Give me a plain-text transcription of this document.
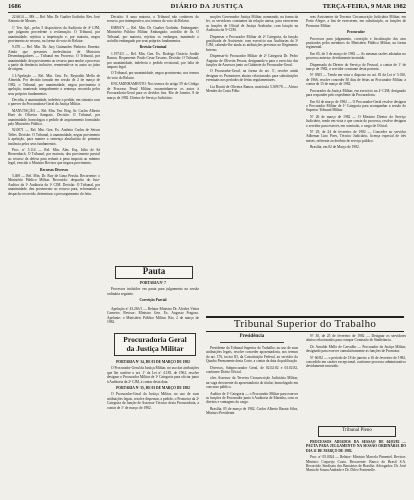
1686	DIÁRIO DA JUSTIÇA	TERÇA-FEIRA, 9 MAR 1982

22.6614 — MS — Rel. Min. Dr. Gualter Godinho. Rev. José Antonio de Moraes.

1º Ten. Apl., pelos 5 dispositivos da Auditoria de 4ª CJM, que julgaram procedente a reclamação. O Tribunal, por unanimidade, rejeitou a impetração e, por maioria, negou provimento ao recurso, na forma do voto do Relator.

9.478 — Rel. Min. Dr. Jacy Guimarães Pinheiro. Ementa: Ainda que presentes irrelevâncias de Ministros Desembargadores — Tribunal em Processo. O Tribunal, por unanimidade, deu provimento ao recurso para anular o processo a partir da denúncia inclusive, remetendo-se os autos ao juízo de origem.

1.1/Apelação — Rel. Min. Gen. Ex. Reynaldo Mello de Almeida. Por decisão tomada em sessão de 2 de março de 1982, o Tribunal, por unanimidade, negou provimento à apelação, mantendo integralmente a sentença recorrida pelos seus próprios fundamentos.

Decidiu, à unanimidade, indeferir o pedido, em sintonia com o parecer da Procuradoria-Geral da Justiça Militar.

MANUTAÇÃO — Rel. Min. Ten. Brig. Ar. Carlos Alberto Huet de Oliveira Sampaio. Decisão: O Tribunal, por unanimidade, homologou o pedido de arquivamento formulado pelo Ministério Público.

92.0071 — Rel. Min. Gen. Ex. Antônio Carlos de Seixas Telles. Decisão: O Tribunal, à unanimidade, negou provimento à apelação, para manter a sentença absolutória de primeira instância pelos seus fundamentos.

Proc. nº 5.114 — Rel. Min. Alm. Esq. Júlio de Sá Bierrenbach. O Tribunal, por maioria, deu provimento parcial ao recurso da defesa para reduzir a pena imposta ao mínimo legal, vencido o Ministro Revisor que negava provimento.

Recursos Diversos

5.469 — Rel. Min. Dr. Ruy de Lima Pessôa. Recorrente: o Ministério Público Militar. Recorrido: despacho do Juiz-Auditor da 1ª Auditoria da 1ª CJM. Decisão: O Tribunal, por unanimidade, deu provimento ao recurso para, reformando o despacho recorrido, determinar o prosseguimento do feito.

Decisão: A uma maioria, o Tribunal não conheceu do recurso, por intempestivo, nos termos do voto do Relator.

EMBA'Y — Rel. Min. Dr. Gualter Godinho. Embargante: Ministério Público Militar. Embargado: acórdão de fls. O Tribunal, por maioria, rejeitou os embargos, mantendo o acórdão embargado por seus próprios fundamentos.

Revisão Criminal

1.1974/3 — Rel. Min. Gen. Ex. Rodrigo Octávio Jordão Ramos. Requerente: Paulo Cesar Tavares. Decisão: O Tribunal, por unanimidade, indeferiu o pedido revisional, por falta de amparo legal.

O Tribunal, por unanimidade, negou provimento, nos termos do voto do Relator.

ENCAMINHAMENTO: Nos termos do artigo 59 do Código de Processo Penal Militar, encaminham-se os autos à Procuradoria-Geral para os devidos fins. Rio de Janeiro, 8 de março de 1982. Diretor de Serviço Judiciário.

Pauta

PORTARIA Nº 7

Processos incluídos em pauta para julgamento na sessão ordinária seguinte.

Correição Parcial

Apelação nº 43.263/1 — Relator Ministro Dr. Alcides Vieira Carneiro. Revisor: Ministro Gen. Ex. Augusto Fragoso. Apelante: o Ministério Público Militar. Rio, 2 de março de 1982.

Procuradoria Geral
da Justiça Militar

PORTARIA Nº 34, DE 03 DE MARÇO DE 1982

O Procurador-Geral da Justiça Militar, no uso das atribuições que lhe confere o art. 1º da Lei nº 4.185, de 1962, resolve designar o Procurador Militar de 1ª Categoria para oficiar junto à Auditoria da 2ª CJM, a contar desta data.

PORTARIA Nº 35, DE 03 DE MARÇO DE 1982

O Procurador-Geral da Justiça Militar, no uso de suas atribuições legais, resolve dispensar, a pedido, o Promotor da 2ª Categoria da função de Assessor Técnico desta Procuradoria, a contar de 1º de março de 1982.

moções Governador Justiça Militar, nomeando, na forma da lei, os servidores constantes da relação anexa, para exercerem as funções de Oficial de Justiça Avaliador, com lotação na Auditoria da 5ª CJM.

Dispensar o Procurador Militar de 2ª Categoria, da função gratificada de Assistente, com exercício nas Auditorias da 3ª CJM, cabendo-lhe ainda as atribuições previstas no Regimento Interno.

Dispensar-lo Procurador Militar de 2ª Categoria Dr. Pedro Augusto de Oliveira Pessoa, designando-o para o exercício das funções de Assessor junto ao Gabinete do Procurador-Geral.

O Procurador-Geral, na forma do art. 3º, resolve ainda designar os Promotores abaixo relacionados para substituições eventuais nos períodos de férias regulamentares.

Lia Bonitt de Oliveira Ramos, matrícula 5.309/78 — Alcino Mendes da Costa Filho.

reas Assistentes da Terceira Circunscrição Judiciária Militar, em Porto Alegre, a fim de exercerem, em substituição, as funções de Promotor Militar.

Procurador

Processos para julgamento, correição e fiscalização dos atos praticados pelos membros do Ministério Público Militar, na forma regimental.

Em 05, de 5 de março de 1982 — As mesmas razões adotadas no processo anterior, devidamente instruído.

Dispensada do Diretor do Serviço do Pessoal, a contar de 1º de março de 1982, o servidor constante desta portaria.

Nº 0505 — Tendo em vista o disposto no art. 81 da Lei nº 5.010, de 1966, resolve conceder 30 dias de férias ao Procurador Militar, a contar de 15 de março de 1982.

Procurador da Justiça Militar, em exercício na 2ª CJM, designado para responder pelo expediente da Procuradoria.

Em 04 de março de 1982 — O Procurador-Geral resolve designar o Procurador Militar de 1ª Categoria para acompanhar a sessão do Superior Tribunal Militar.

Nº 26 de março de 1982 — O Ministro Diretor do Serviço Judiciário, tendo em vista o que consta do processo, resolve designar o servidor para exercer, em comissão, o cargo de Oficial.

Nº 29, de 24 de fevereiro de 1982 — Conceder ao servidor Adhemar Lino Pires, Técnico Judiciário, licença especial de três meses, referente ao decênio de serviço público.

Brasília, em 02 de Março de 1982.

Tribunal Superior do Trabalho
Presidência

Presidente do Tribunal Superior do Trabalho, no uso de suas atribuições legais, resolve conceder aposentadoria, nos termos do art. 176, inciso III, da Constituição Federal, ao servidor do Quadro Permanente desta Corte, a contar da data da publicação.

Diversos, Subprocurador Geral, de 02.02.82 e 03.02.82, conforme Diário Oficial.

cões Assessor da Terceira Circunscrição Judiciária Militar, na vaga decorrente da aposentadoria do titular, homologado em concurso público.

Auditor de 1ª Categoria — o Procurador Militar para exercer as funções de Procurador junto à Auditoria de Marinha, com os direitos e vantagens do cargo.

Brasília, 05 de março de 1982. Carlos Alberto Barata Silva, Ministro Presidente.

Nº 30, de 25 de fevereiro de 1982 — Designar os servidores abaixo relacionados para compor Comissão de Sindicância.

Dr. Arnaldo Mello de Carvalho — Procurador da Justiça Militar, designado para exercer cumulativamente as funções de Promotor.

Nº 60/82 — o período de 18 de janeiro a 16 de fevereiro de 1982, concedido em caráter excepcional, conforme processo administrativo devidamente instruído.

Tribunal Pleno

PROCESSOS ADIADOS DA SESSÃO DE 04/03/82 — PAUTA PARA JULGAMENTO NA SESSÃO ORDINÁRIA DO DIA 11 DE MARÇO DE 1982.

Proc. nº 05.0024 — Relator: Ministro Marcelo Pimentel. Revisor: Ministro Coqueijo Costa. Recorrente: Banco do Brasil S.A. Recorrido: Sindicato dos Bancários de Brasília. Advogados: Dr. José Maria de Souza Andrade e Dr. Dilvo Fontenelle.
